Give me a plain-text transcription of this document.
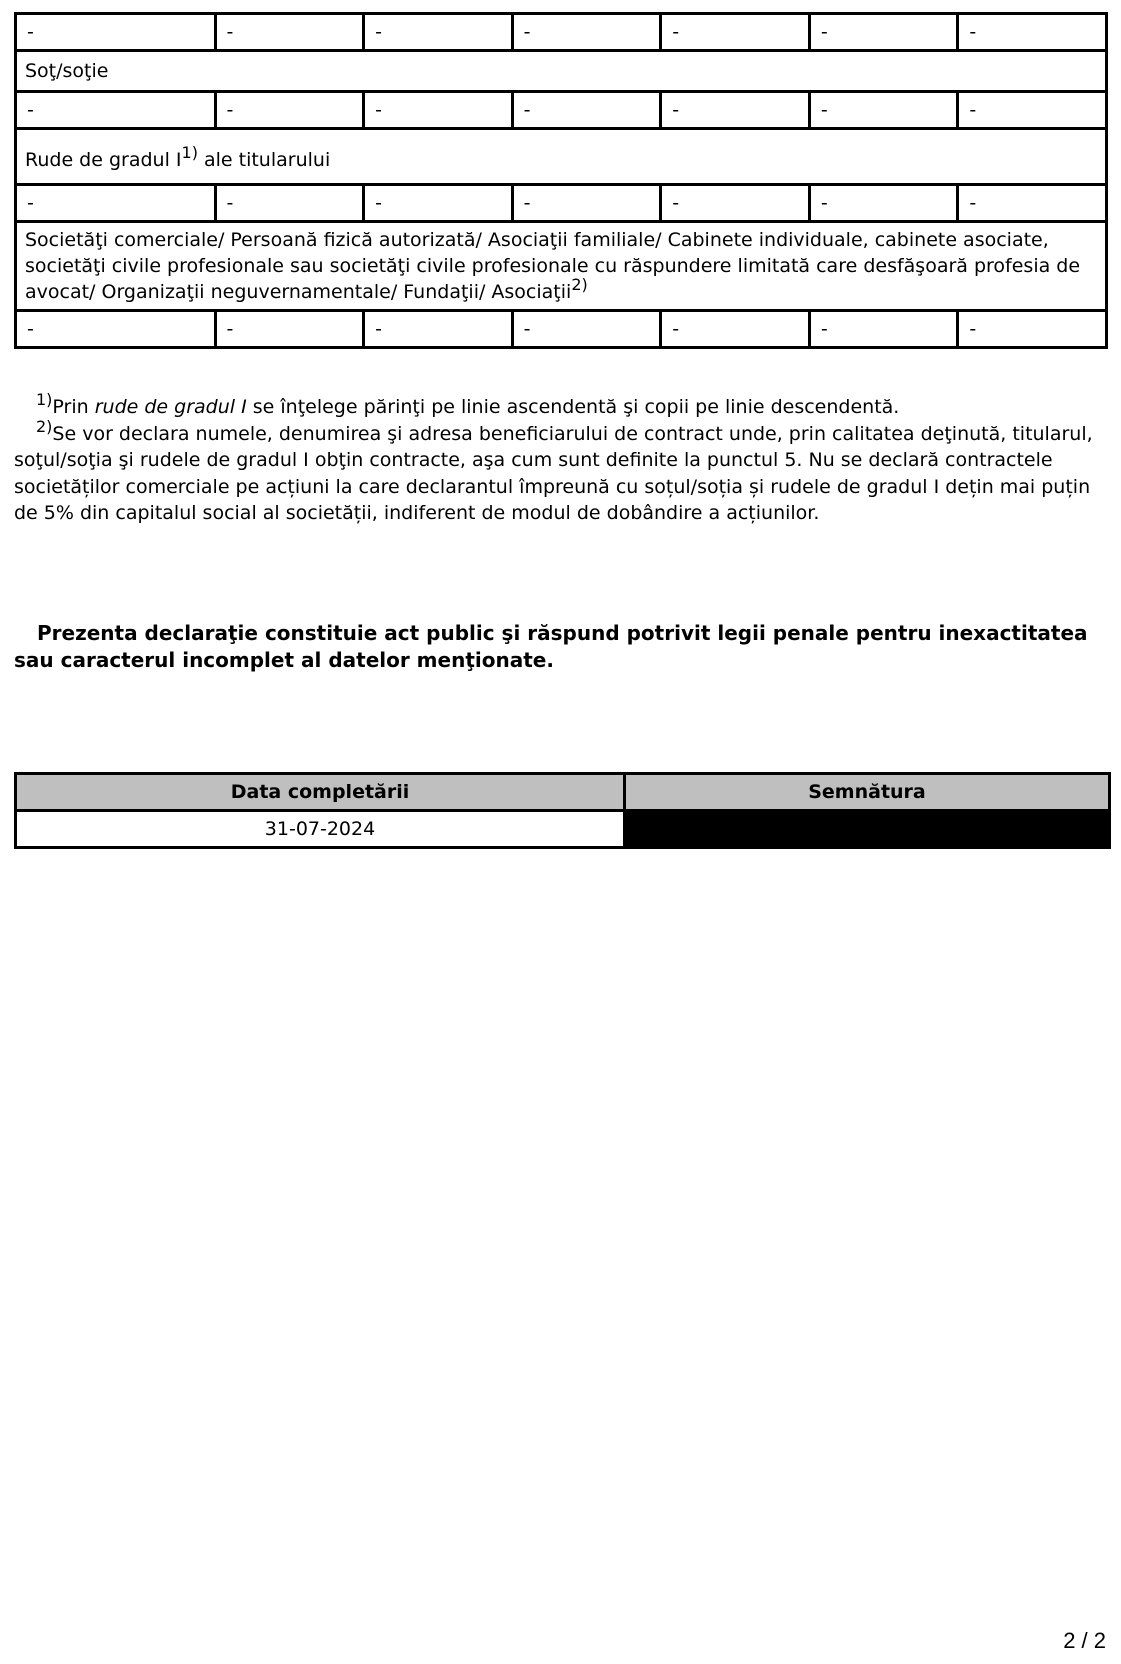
-	-	-	-	-	-	-
Soţ/soţie						
-	-	-	-	-	-	-
Rude de gradul I$^{1)}$ ale titularului						
-	-	-	-	-	-	-
Societăţi comerciale/ Persoană fizică autorizată/ Asociaţii familiale/ Cabinete individuale, cabinete asociate, societăţi civile profesionale sau societăţi civile profesionale cu răspundere limitată care desfăşoară profesia de avocat/ Organizaţii neguvernamentale/ Fundaţii/ Asociaţii$^{2)}$
-	-	-	-	-	-	-

$^{1)}$Prin rude de gradul I se înţelege părinţi pe linie ascendentă şi copii pe linie descendentă.

$^{2)}$Se vor declara numele, denumirea şi adresa beneficiarului de contract unde, prin calitatea deţinută, titularul, soţul/soţia şi rudele de gradul I obţin contracte, aşa cum sunt definite la punctul 5. Nu se declară contractele societăților comerciale pe acțiuni la care declarantul împreună cu soțul/soția și rudele de gradul I dețin mai puțin de 5% din capitalul social al societății, indiferent de modul de dobândire a acțiunilor.

Prezenta declaraţie constituie act public şi răspund potrivit legii penale pentru inexactitatea sau caracterul incomplet al datelor menţionate.

Data completării	Semnătura
31-07-2024	
2 / 2
